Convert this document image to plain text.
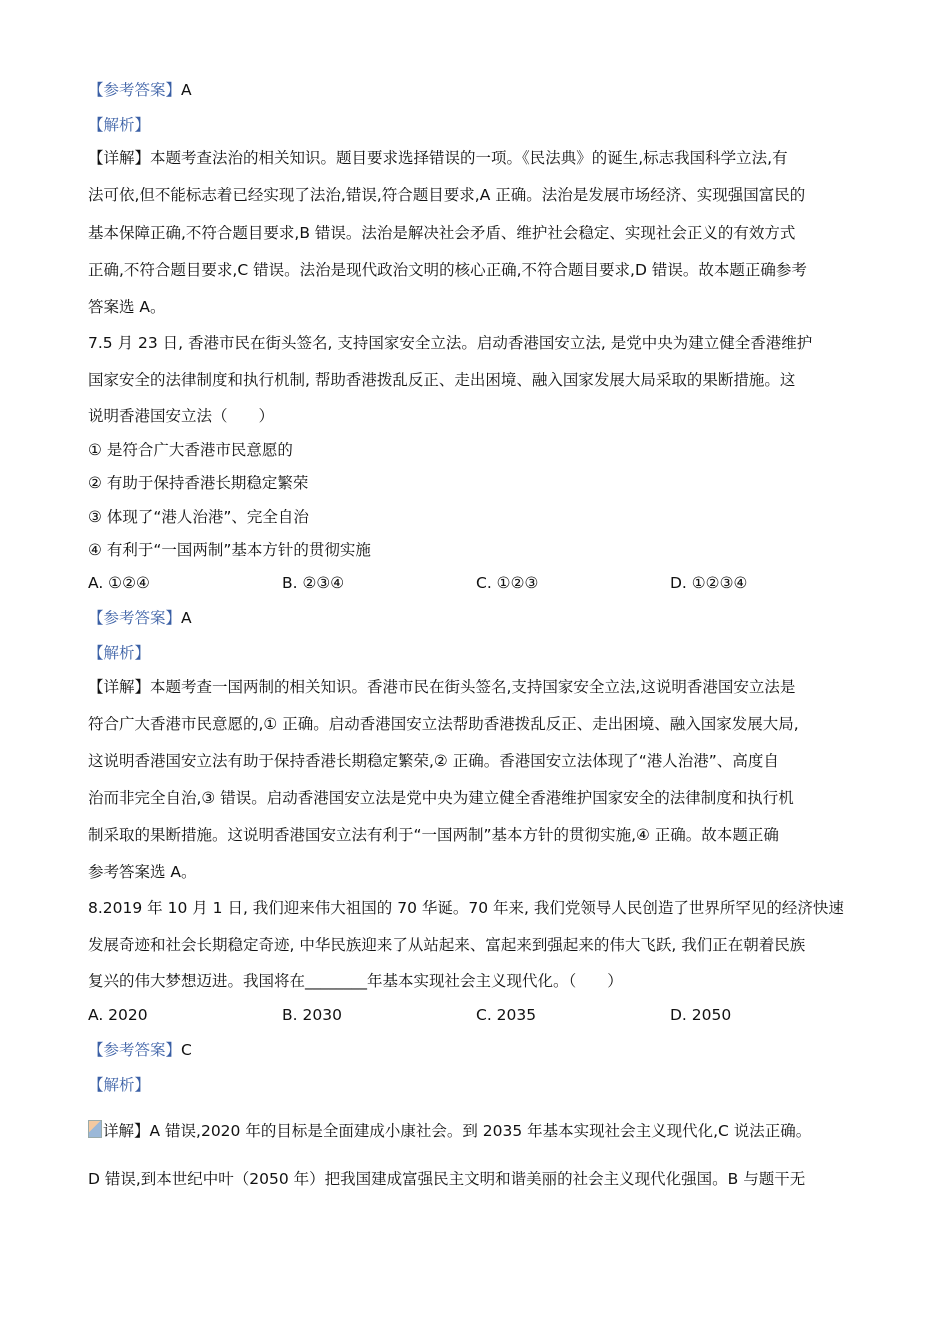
【参考答案】A
【解析】
【详解】本题考查法治的相关知识。题目要求选择错误的一项。《民法典》的诞生,标志我国科学立法,有
法可依,但不能标志着已经实现了法治,错误,符合题目要求,A 正确。法治是发展市场经济、实现强国富民的
基本保障正确,不符合题目要求,B 错误。法治是解决社会矛盾、维护社会稳定、实现社会正义的有效方式
正确,不符合题目要求,C 错误。法治是现代政治文明的核心正确,不符合题目要求,D 错误。故本题正确参考
答案选 A。
7.5 月 23 日, 香港市民在街头签名, 支持国家安全立法。启动香港国安立法, 是党中央为建立健全香港维护
国家安全的法律制度和执行机制, 帮助香港拨乱反正、走出困境、融入国家发展大局采取的果断措施。这
说明香港国安立法（　　）
① 是符合广大香港市民意愿的
② 有助于保持香港长期稳定繁荣
③ 体现了“港人治港”、完全自治
④ 有利于“一国两制”基本方针的贯彻实施
A. ①②④	B. ②③④	C. ①②③	D. ①②③④
【参考答案】A
【解析】
【详解】本题考查一国两制的相关知识。香港市民在街头签名,支持国家安全立法,这说明香港国安立法是
符合广大香港市民意愿的,① 正确。启动香港国安立法帮助香港拨乱反正、走出困境、融入国家发展大局,
这说明香港国安立法有助于保持香港长期稳定繁荣,② 正确。香港国安立法体现了“港人治港”、高度自
治而非完全自治,③ 错误。启动香港国安立法是党中央为建立健全香港维护国家安全的法律制度和执行机
制采取的果断措施。这说明香港国安立法有利于“一国两制”基本方针的贯彻实施,④ 正确。故本题正确
参考答案选 A。
8.2019 年 10 月 1 日, 我们迎来伟大祖国的 70 华诞。70 年来, 我们党领导人民创造了世界所罕见的经济快速
发展奇迹和社会长期稳定奇迹, 中华民族迎来了从站起来、富起来到强起来的伟大飞跃, 我们正在朝着民族
复兴的伟大梦想迈进。我国将在________年基本实现社会主义现代化。（　　）
A. 2020	B. 2030	C. 2035	D. 2050
【参考答案】C
【解析】
详解】A 错误,2020 年的目标是全面建成小康社会。到 2035 年基本实现社会主义现代化,C 说法正确。
D 错误,到本世纪中叶（2050 年）把我国建成富强民主文明和谐美丽的社会主义现代化强国。B 与题干无
